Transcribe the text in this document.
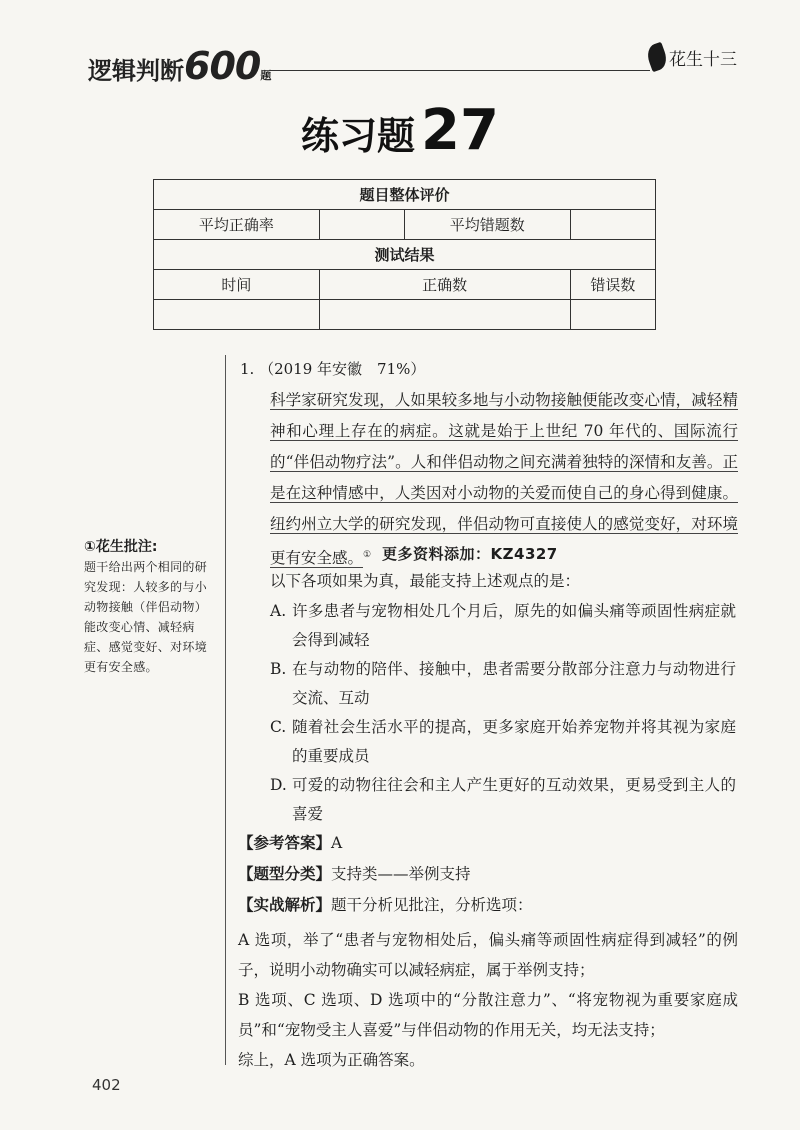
逻辑判断600题
花生十三
练习题 27
题目整体评价			
平均正确率		平均错题数	
测试结果			
时间	正确数		错误数

①花生批注:
题干给出两个相同的研究发现：人较多的与小动物接触（伴侣动物）能改变心情、减轻病症、感觉变好、对环境更有安全感。
1. （2019 年安徽　71%）
科学家研究发现，人如果较多地与小动物接触便能改变心情，减轻精神和心理上存在的病症。这就是始于上世纪 70 年代的、国际流行的“伴侣动物疗法”。人和伴侣动物之间充满着独特的深情和友善。正是在这种情感中，人类因对小动物的关爱而使自己的身心得到健康。纽约州立大学的研究发现，伴侣动物可直接使人的感觉变好，对环境更有安全感。① 更多资料添加：KZ4327
以下各项如果为真，最能支持上述观点的是：
A. 许多患者与宠物相处几个月后，原先的如偏头痛等顽固性病症就会得到减轻
B. 在与动物的陪伴、接触中，患者需要分散部分注意力与动物进行交流、互动
C. 随着社会生活水平的提高，更多家庭开始养宠物并将其视为家庭的重要成员
D. 可爱的动物往往会和主人产生更好的互动效果，更易受到主人的喜爱
【参考答案】A
【题型分类】支持类——举例支持
【实战解析】题干分析见批注，分析选项：
A 选项，举了“患者与宠物相处后，偏头痛等顽固性病症得到减轻”的例子，说明小动物确实可以减轻病症，属于举例支持；
B 选项、C 选项、D 选项中的“分散注意力”、“将宠物视为重要家庭成员”和“宠物受主人喜爱”与伴侣动物的作用无关，均无法支持；
综上，A 选项为正确答案。
402
